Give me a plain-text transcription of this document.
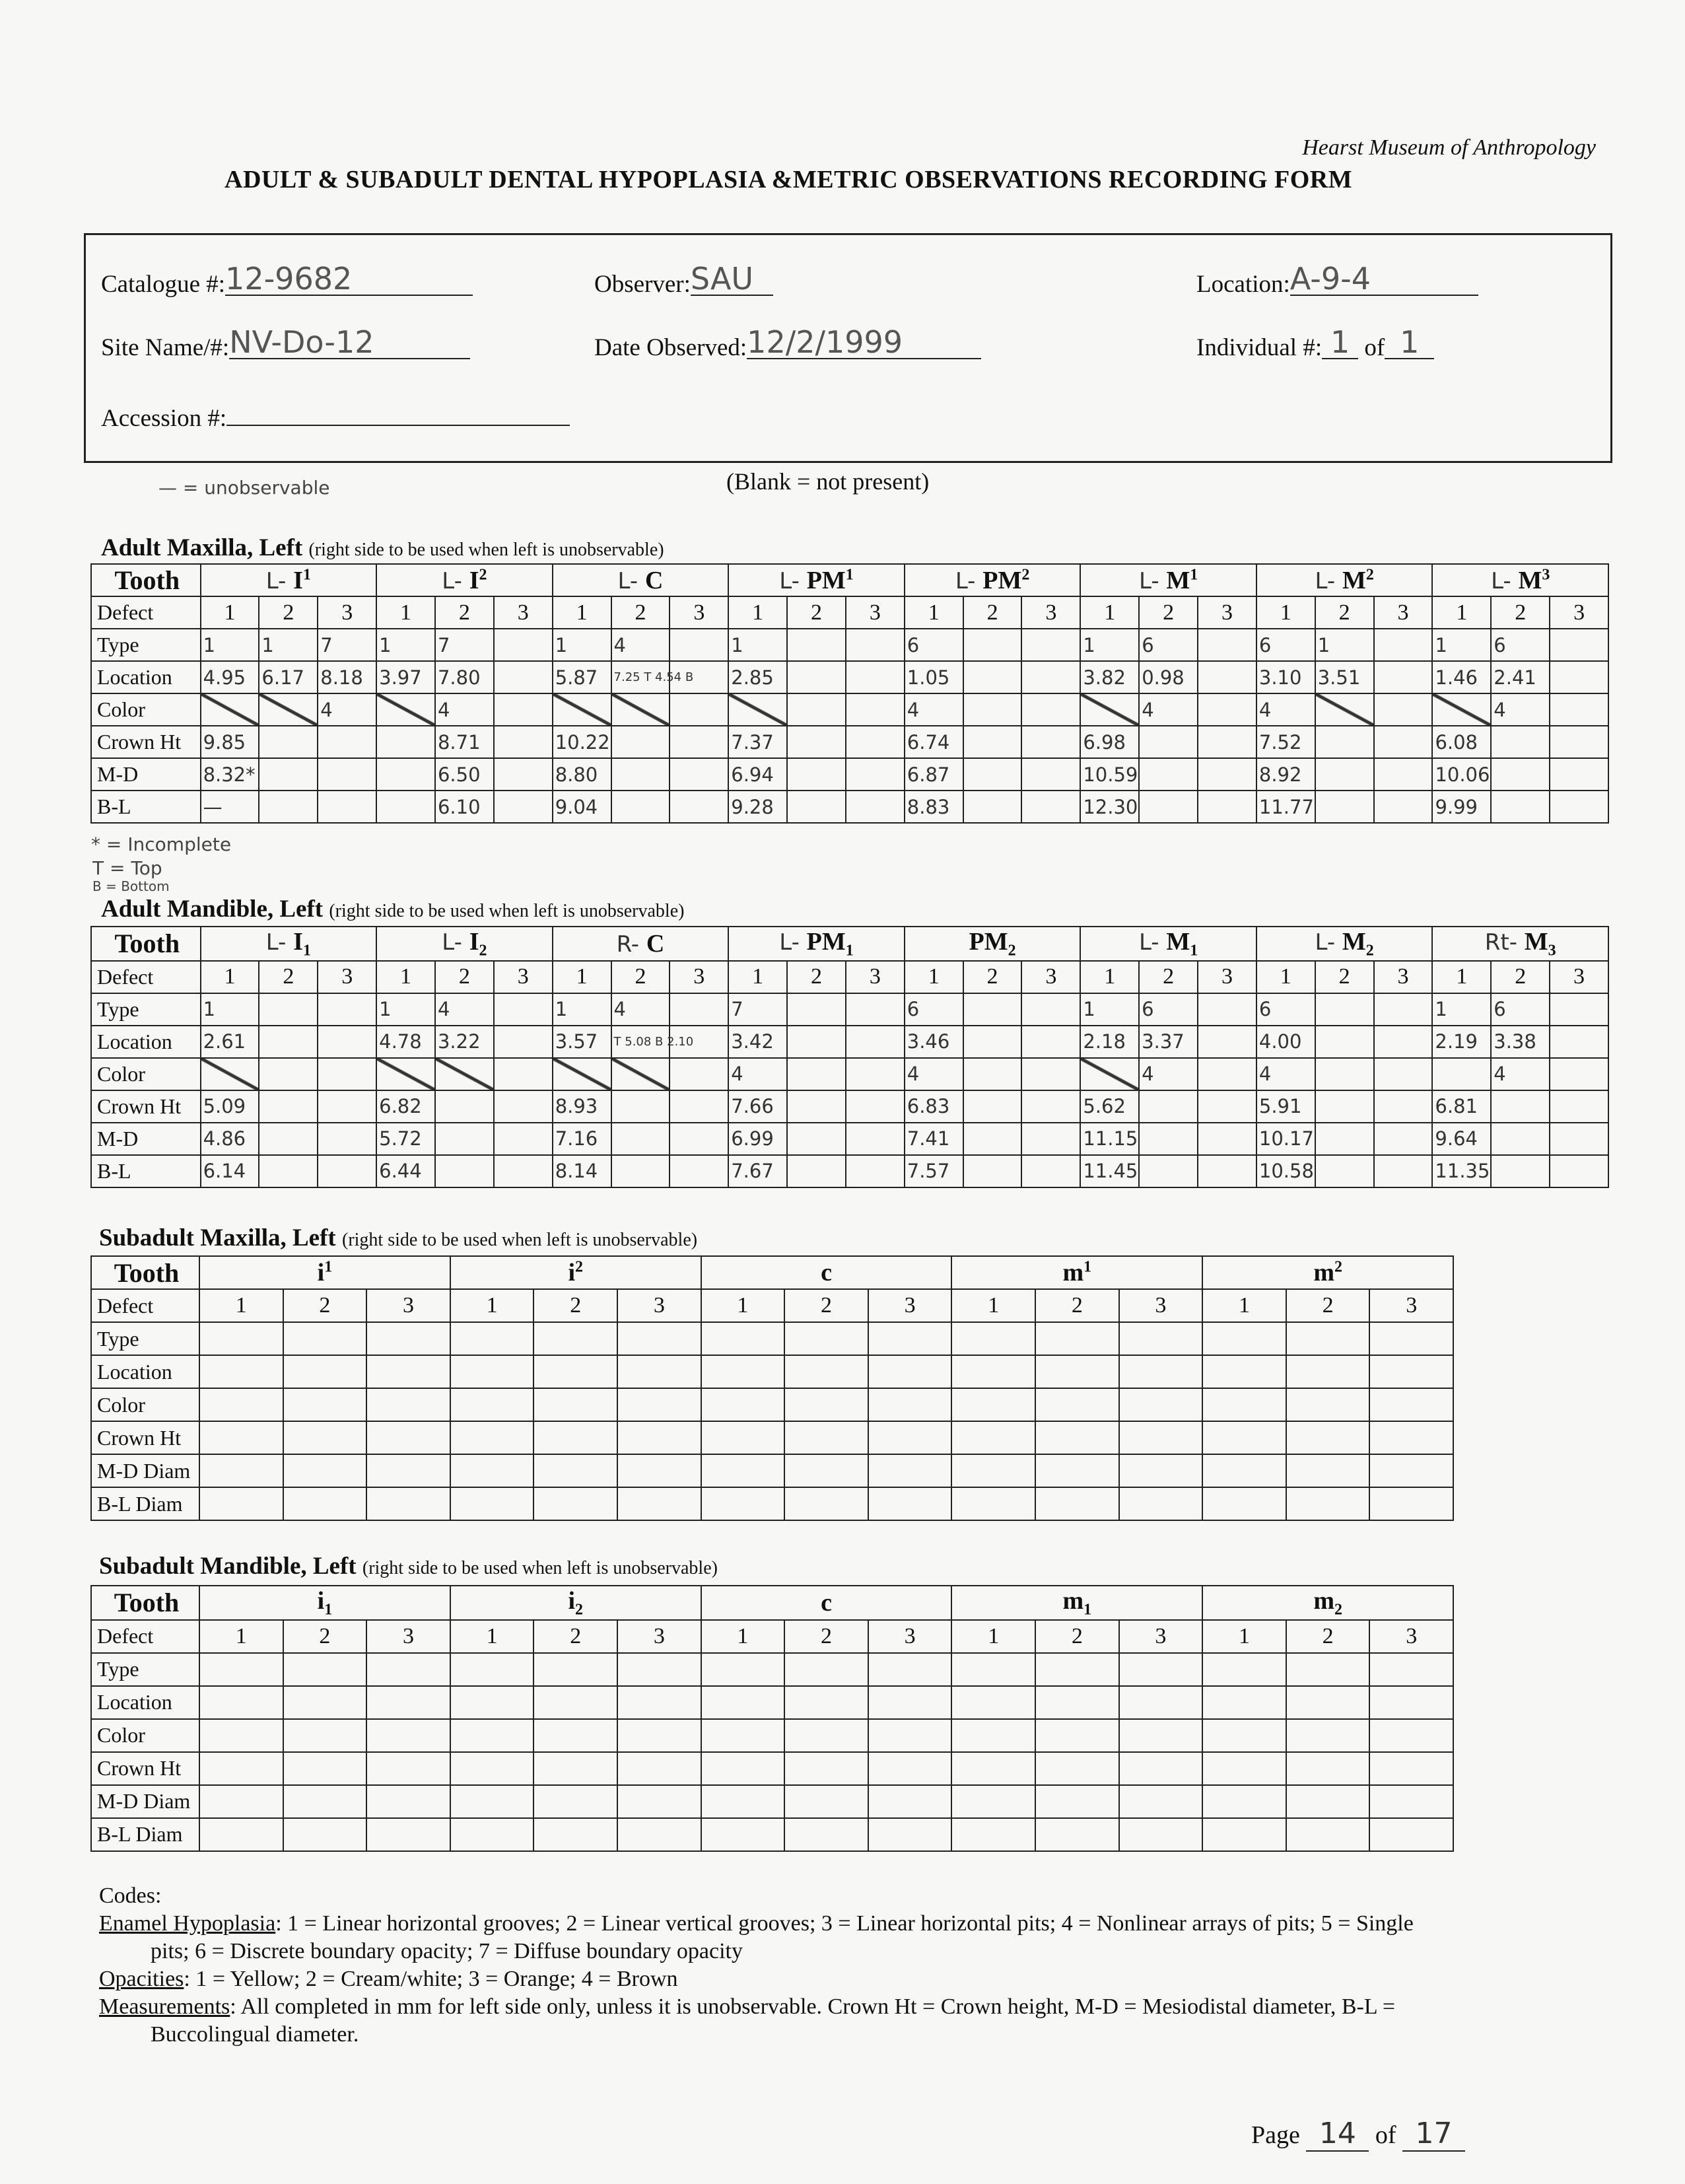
Hearst Museum of Anthropology
ADULT & SUBADULT DENTAL HYPOPLASIA &METRIC OBSERVATIONS RECORDING FORM
Catalogue #:12-9682	Observer:SAU	Location:A-9-4
Site Name/#:NV-Do-12	Date Observed:12/2/1999	Individual #: 1 of 1
Accession #:
— = unobservable	(Blank = not present)
Adult Maxilla, Left (right side to be used when left is unobservable)
Tooth	L- $I^1$			L- $I^2$			L- C			L- $PM^1$			L- $PM^2$			L- $M^1$			L- $M^2$			L- $M^3$
Defect	1	2	3	1	2	3	1	2	3	1	2	3	1	2	3	1	2	3	1	2	3	1	2	3
Type	1	1	7	1	7		1	4		1			6			1	6		6	1		1	6	
Location	4.95	6.17	8.18	3.97	7.80		5.87	7.25 T 4.54 B		2.85			1.05			3.82	0.98		3.10	3.51		1.46	2.41	
Color			4		4								4				4		4				4	
Crown Ht	9.85				8.71		10.22			7.37			6.74			6.98			7.52			6.08		
M-D	8.32*				6.50		8.80			6.94			6.87			10.59			8.92			10.06		
B-L	—				6.10		9.04			9.28			8.83			12.30			11.77			9.99		
* = Incomplete
T = Top
B = Bottom
Adult Mandible, Left (right side to be used when left is unobservable)
Tooth	L- $I_1$			L- $I_2$			R- C			L- $PM_1$			$PM_2$			L- $M_1$			L- $M_2$			Rt- $M_3$
Defect	1	2	3	1	2	3	1	2	3	1	2	3	1	2	3	1	2	3	1	2	3	1	2	3
Type	1			1	4		1	4		7			6			1	6		6			1	6	
Location	2.61			4.78	3.22		3.57	T 5.08 B 2.10		3.42			3.46			2.18	3.37		4.00			2.19	3.38	
Color										4			4				4		4				4	
Crown Ht	5.09			6.82			8.93			7.66			6.83			5.62			5.91			6.81		
M-D	4.86			5.72			7.16			6.99			7.41			11.15			10.17			9.64		
B-L	6.14			6.44			8.14			7.67			7.57			11.45			10.58			11.35		
Subadult Maxilla, Left (right side to be used when left is unobservable)
Tooth	$i^1$			$i^2$			c			$m^1$			$m^2$
Defect	1	2	3	1	2	3	1	2	3	1	2	3	1	2	3
Type															
Location															
Color															
Crown Ht															
M-D Diam															
B-L Diam															
Subadult Mandible, Left (right side to be used when left is unobservable)
Tooth	$i_1$			$i_2$			c			$m_1$			$m_2$
Defect	1	2	3	1	2	3	1	2	3	1	2	3	1	2	3
Type															
Location															
Color															
Crown Ht															
M-D Diam															
B-L Diam															

Codes:

Enamel Hypoplasia: 1 = Linear horizontal grooves; 2 = Linear vertical grooves; 3 = Linear horizontal pits; 4 = Nonlinear arrays of pits; 5 = Single

pits; 6 = Discrete boundary opacity; 7 = Diffuse boundary opacity

Opacities: 1 = Yellow; 2 = Cream/white; 3 = Orange; 4 = Brown

Measurements: All completed in mm for left side only, unless it is unobservable. Crown Ht = Crown height, M-D = Mesiodistal diameter, B-L =

Buccolingual diameter.

Page 14 of 17
